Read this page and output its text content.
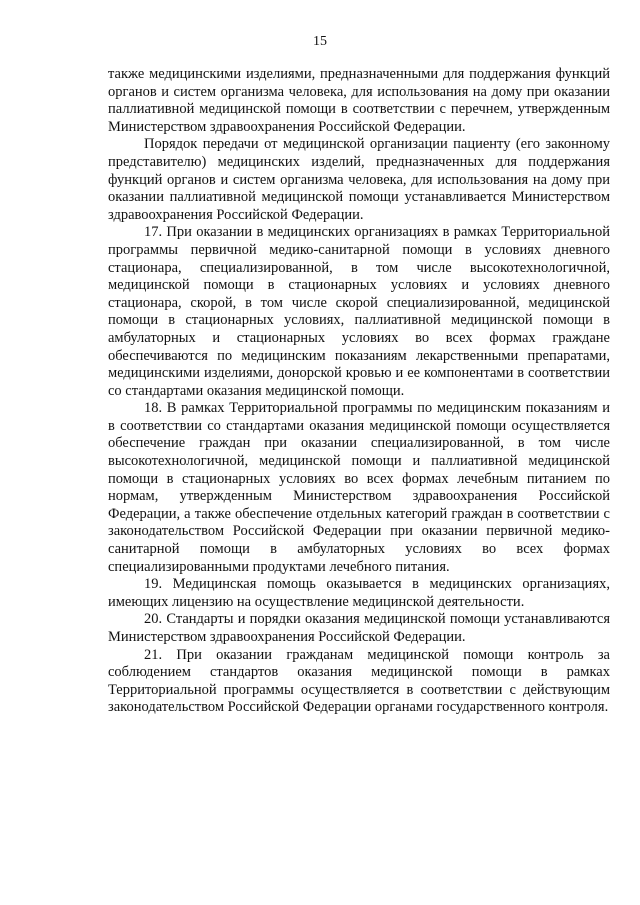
15

также медицинскими изделиями, предназначенными для поддержания функций органов и систем организма человека, для использования на дому при оказании паллиативной медицинской помощи в соответствии с перечнем, утвержденным Министерством здравоохранения Российской Федерации.

Порядок передачи от медицинской организации пациенту (его законному представителю) медицинских изделий, предназначенных для поддержания функций органов и систем организма человека, для использования на дому при оказании паллиативной медицинской помощи устанавливается Министерством здравоохранения Российской Федерации.

17. При оказании в медицинских организациях в рамках Территориальной программы первичной медико-санитарной помощи в условиях дневного стационара, специализированной, в том числе высокотехнологичной, медицинской помощи в стационарных условиях и условиях дневного стационара, скорой, в том числе скорой специализированной, медицинской помощи в стационарных условиях, паллиативной медицинской помощи в амбулаторных и стационарных условиях во всех формах граждане обеспечиваются по медицинским показаниям лекарственными препаратами, медицинскими изделиями, донорской кровью и ее компонентами в соответствии со стандартами оказания медицинской помощи.

18. В рамках Территориальной программы по медицинским показаниям и в соответствии со стандартами оказания медицинской помощи осуществляется обеспечение граждан при оказании специализированной, в том числе высокотехнологичной, медицинской помощи и паллиативной медицинской помощи в стационарных условиях во всех формах лечебным питанием по нормам, утвержденным Министерством здравоохранения Российской Федерации, а также обеспечение отдельных категорий граждан в соответствии с законодательством Российской Федерации при оказании первичной медико-санитарной помощи в амбулаторных условиях во всех формах специализированными продуктами лечебного питания.

19. Медицинская помощь оказывается в медицинских организациях, имеющих лицензию на осуществление медицинской деятельности.

20. Стандарты и порядки оказания медицинской помощи устанавливаются Министерством здравоохранения Российской Федерации.

21. При оказании гражданам медицинской помощи контроль за соблюдением стандартов оказания медицинской помощи в рамках Территориальной программы осуществляется в соответствии с действующим законодательством Российской Федерации органами государственного контроля.
